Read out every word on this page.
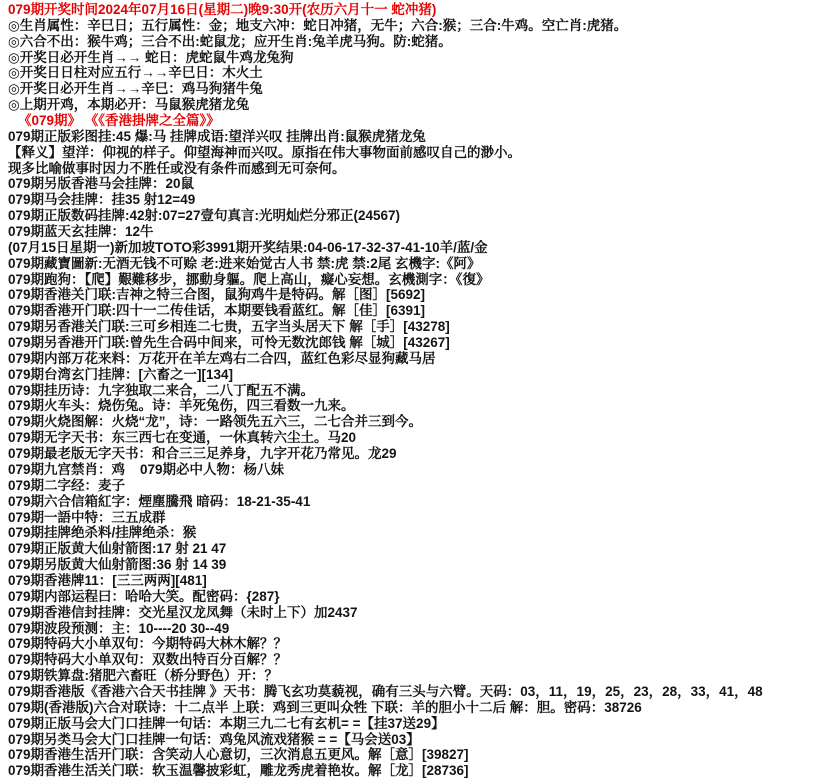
079期开奖时间2024年07月16日(星期二)晚9:30开(农历六月十一 蛇冲猪)
◎生肖属性：辛巳日；五行属性：金；地支六冲：蛇日冲猪，无牛；六合:猴；三合:牛鸡。空亡肖:虎猪。
◎六合不出：猴牛鸡；三合不出:蛇鼠龙；应开生肖:兔羊虎马狗。防:蛇猪。
◎开奖日必开生肖→→ 蛇日：虎蛇鼠牛鸡龙兔狗
◎开奖日日柱对应五行→→辛巳日：木火土
◎开奖日必开生肖→→辛巳：鸡马狗猪牛兔
◎上期开鸡，本期必开：马鼠猴虎猪龙兔
《079期》 《《香港掛牌之全篇》》
079期正版彩图挂:45 爆:马 挂牌成语:望洋兴叹 挂牌出肖:鼠猴虎猪龙兔
【释义】望洋：仰视的样子。仰望海神而兴叹。原指在伟大事物面前感叹自己的渺小。
现多比喻做事时因力不胜任或没有条件而感到无可奈何。
079期另版香港马会挂牌：20鼠
079期马会挂牌：挂35 射12=49
079期正版数码挂牌:42射:07=27壹句真言:光明灿烂分邪正(24567)
079期蓝天玄挂牌：12牛
(07月15日星期一)新加坡TOTO彩3991期开奖结果:04-06-17-32-37-41-10羊/蓝/金
079期藏寶圖新:无酒无钱不可赊 老:进来始觉古人书 禁:虎 禁:2尾 玄機字:《阿》
079期跑狗：【爬】艱難移步，挪動身軀。爬上高山，癡心妄想。玄機測字：《復》
079期香港关门联:吉神之特三合图，鼠狗鸡牛是特码。解［图］[5692]
079期香港开门联:四十一二传佳话，本期要钱看蓝红。解［佳］[6391]
079期另香港关门联:三可乡相连二七贵，五字当头居天下 解［手］[43278]
079期另香港开门联:曾先生合码中间来，可怜无数沈郎钱 解［城］[43267]
079期内部万花来料：万花开在羊左鸡右二合四，蓝红色彩尽显狗藏马居
079期台湾玄门挂牌：[六畜之一][134]
079期挂历诗：九字独取二来合，二八丁配五不满。
079期火车头：烧伤兔。诗：羊死兔伤，四三看数一九来。
079期火烧图解：火烧“龙”，诗：一路领先五六三，二七合并三到今。
079期无字天书：东三西七在变通，一休真转六尘土。马20
079期最老版无字天书：和合三三足养身，九字开花乃常见。龙29
079期九宫禁肖：鸡    079期必中人物：杨八妹
079期二字经：麦子
079期六合信箱紅字：煙塵騰飛 暗码：18-21-35-41
079期一語中特：三五成群
079期挂牌绝杀料/挂牌绝杀：猴
079期正版黄大仙射箭图:17 射 21 47
079期另版黄大仙射箭图:36 射 14 39
079期香港牌11：[三三两两][481]
079期内部运程曰：哈哈大笑。配密码：{287}
079期香港信封挂牌：交光星汉龙凤舞（未时上下）加2437
079期波段预测：主：10----20 30--49
079期特码大小单双句：今期特码大林木解？？
079期特码大小单双句：双数出特百分百解？？
079期铁算盘:猪肥六畜旺（桥分野色）开：？
079期香港版《香港六合天书挂牌 》天书：腾飞玄功莫藐视，确有三头与六臂。天码：03，11，19，25，23，28，33，41，48
079期(香港版)六合对联诗：十二点半 上联：鸡到三更叫众牲 下联：羊的胆小十二后 解：胆。密码：38726
079期正版马会大门口挂牌一句话：本期三九二七有玄机= =【挂37送29】
079期另类马会大门口挂牌一句话：鸡兔风流戏猪猴 = =【马会送03】
079期香港生活开门联：含笑动人心意切，三次消息五更风。解［意］[39827]
079期香港生活关门联：软玉温馨披彩虹，雕龙秀虎着艳妆。解［龙］[28736]
